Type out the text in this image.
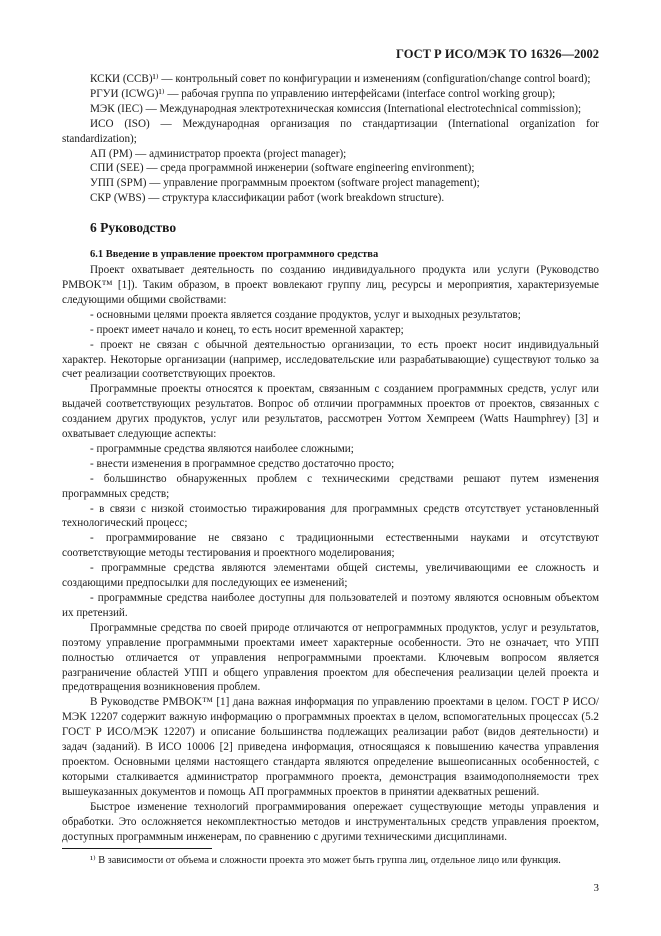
ГОСТ Р ИСО/МЭК ТО 16326—2002

КСКИ (ССВ)¹⁾ — контрольный совет по конфигурации и изменениям (configuration/change control board);

РГУИ (ICWG)¹⁾ — рабочая группа по управлению интерфейсами (interface control working group);

МЭК (IEC) — Международная электротехническая комиссия (International electrotechnical commission);

ИСО (ISO) — Международная организация по стандартизации (International organization for standardization);

АП (PM) — администратор проекта (project manager);

СПИ (SEE) — среда программной инженерии (software engineering environment);

УПП (SPM) — управление программным проектом (software project management);

СКР (WBS) — структура классификации работ (work breakdown structure).

6 Руководство
6.1 Введение в управление проектом программного средства

Проект охватывает деятельность по созданию индивидуального продукта или услуги (Руководство PMBOK™ [1]). Таким образом, в проект вовлекают группу лиц, ресурсы и мероприятия, характеризуемые следующими общими свойствами:

- основными целями проекта является создание продуктов, услуг и выходных результатов;

- проект имеет начало и конец, то есть носит временной характер;

- проект не связан с обычной деятельностью организации, то есть проект носит индивидуальный характер. Некоторые организации (например, исследовательские или разрабатывающие) существуют только за счет реализации соответствующих проектов.

Программные проекты относятся к проектам, связанным с созданием программных средств, услуг или выдачей соответствующих результатов. Вопрос об отличии программных проектов от проектов, связанных с созданием других продуктов, услуг или результатов, рассмотрен Уоттом Хемпреем (Watts Haumphrey) [3] и охватывает следующие аспекты:

- программные средства являются наиболее сложными;

- внести изменения в программное средство достаточно просто;

- большинство обнаруженных проблем с техническими средствами решают путем изменения программных средств;

- в связи с низкой стоимостью тиражирования для программных средств отсутствует установленный технологический процесс;

- программирование не связано с традиционными естественными науками и отсутствуют соответствующие методы тестирования и проектного моделирования;

- программные средства являются элементами общей системы, увеличивающими ее сложность и создающими предпосылки для последующих ее изменений;

- программные средства наиболее доступны для пользователей и поэтому являются основным объектом их претензий.

Программные средства по своей природе отличаются от непрограммных продуктов, услуг и результатов, поэтому управление программными проектами имеет характерные особенности. Это не означает, что УПП полностью отличается от управления непрограммными проектами. Ключевым вопросом является разграничение областей УПП и общего управления проектом для обеспечения реализации целей проекта и предотвращения возникновения проблем.

В Руководстве PMBOK™ [1] дана важная информация по управлению проектами в целом. ГОСТ Р ИСО/МЭК 12207 содержит важную информацию о программных проектах в целом, вспомогательных процессах (5.2 ГОСТ Р ИСО/МЭК 12207) и описание большинства подлежащих реализации работ (видов деятельности) и задач (заданий). В ИСО 10006 [2] приведена информация, относящаяся к повышению качества управления проектом. Основными целями настоящего стандарта являются определение вышеописанных особенностей, с которыми сталкивается администратор программного проекта, демонстрация взаимодополняемости трех вышеуказанных документов и помощь АП программных проектов в принятии адекватных решений.

Быстрое изменение технологий программирования опережает существующие методы управления и обработки. Это осложняется некомплектностью методов и инструментальных средств управления проектом, доступных программным инженерам, по сравнению с другими техническими дисциплинами.

¹⁾ В зависимости от объема и сложности проекта это может быть группа лиц, отдельное лицо или функция.

3
